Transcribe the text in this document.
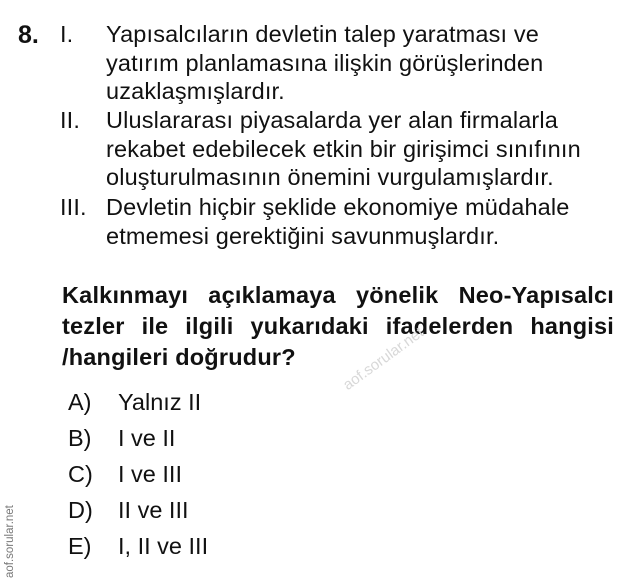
8. I. Yapısalcıların devletin talep yaratması ve
yatırım planlamasına ilişkin görüşlerinden
uzaklaşmışlardır.
II. Uluslararası piyasalarda yer alan firmalarla
rekabet edebilecek etkin bir girişimci sınıfının
oluşturulmasının önemini vurgulamışlardır.
III. Devletin hiçbir şeklide ekonomiye müdahale
etmemesi gerektiğini savunmuşlardır.
Kalkınmayı açıklamaya yönelik Neo-Yapısalcı tezler ile ilgili yukarıdaki ifadelerden hangisi /hangileri doğrudur?
A) Yalnız II
B) I ve II
C) I ve III
D) II ve III
E) I, II ve III
aof.sorular.net
aof.sorular.net
